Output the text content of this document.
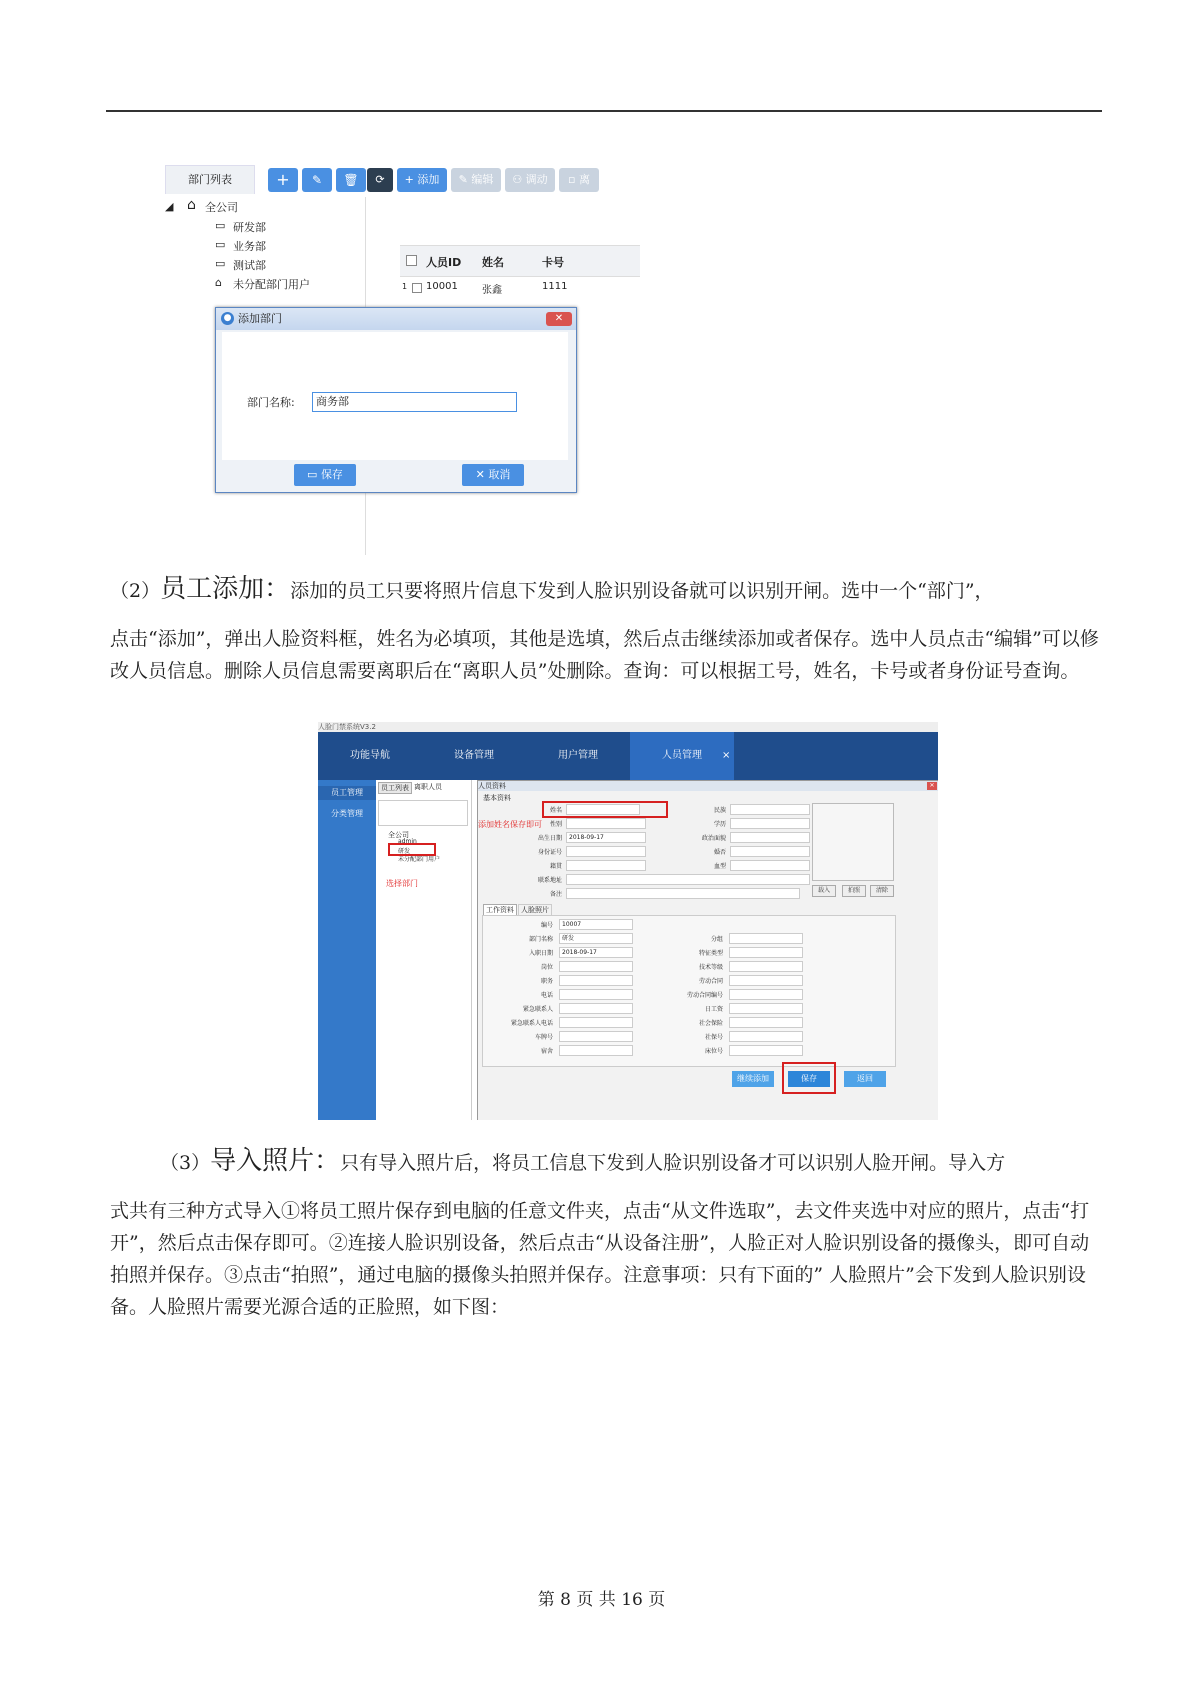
部门列表	+	✎	🗑
◢ ⌂ 全公司
▭ 研发部
▭ 业务部
▭ 测试部
⌂ 未分配部门用户
⟳	+ 添加	✎ 编辑	⚇ 调动	▫ 离
人员ID 姓名	卡号
1 10001 张鑫	1111
● 添加部门	✕
部门名称:	商务部
▭ 保存	✕ 取消
（2）员工添加：添加的员工只要将照片信息下发到人脸识别设备就可以识别开闸。选中一个“部门”，
点击“添加”，弹出人脸资料框，姓名为必填项，其他是选填，然后点击继续添加或者保存。选中人员点击“编辑”可以修改人员信息。删除人员信息需要离职后在“离职人员”处删除。查询：可以根据工号，姓名，卡号或者身份证号查询。
人脸门禁系统V3.2
功能导航	设备管理	用户管理	人员管理	×
员工管理
分类管理
员工列表 离职人员
全公司
admin
研发
未分配部门用户
选择部门
人员资料	✕
基本资料
姓名
添加姓名保存即可	性别
出生日期	2018-09-17
身份证号
籍贯
联系地址
备注
民族
学历
政治面貌
婚否
血型
载入	拍照	清除
工作资料	人脸照片
编号	10007
部门名称	研发
入职日期	2018-09-17
岗位
职务
电话
紧急联系人
紧急联系人电话
车牌号
宿舍
分组
特征类型
技术等级
劳动合同
劳动合同编号
日工资
社会保险
社保号
床位号
继续添加	保存	返回
（3）导入照片：只有导入照片后，将员工信息下发到人脸识别设备才可以识别人脸开闸。导入方
式共有三种方式导入①将员工照片保存到电脑的任意文件夹，点击“从文件选取”，去文件夹选中对应的照片，点击“打开”，然后点击保存即可。②连接人脸识别设备，然后点击“从设备注册”，人脸正对人脸识别设备的摄像头，即可自动拍照并保存。③点击“拍照”，通过电脑的摄像头拍照并保存。注意事项：只有下面的” 人脸照片”会下发到人脸识别设备。人脸照片需要光源合适的正脸照，如下图：
第 8 页 共 16 页
